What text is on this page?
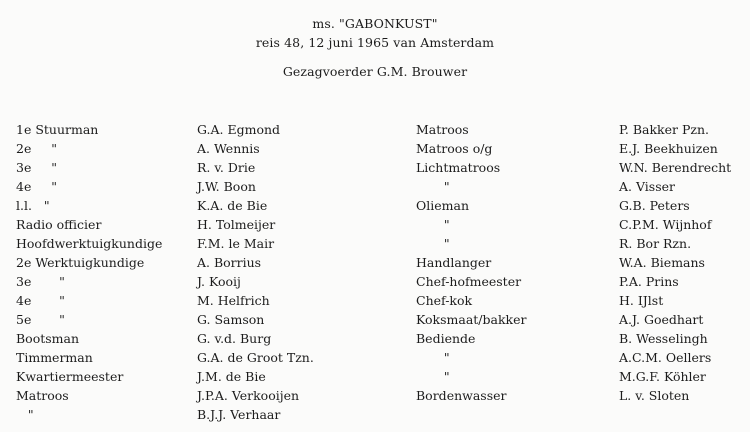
ms. "GABONKUST"
reis 48, 12 juni 1965 van Amsterdam
Gezagvoerder G.M. Brouwer
1e Stuurman
2e     "
3e     "
4e     "
l.l.   "
Radio officier
Hoofdwerktuigkundige
2e Werktuigkundige
3e       "
4e       "
5e       "
Bootsman
Timmerman
Kwartiermeester
Matroos
"
G.A. Egmond
A. Wennis
R. v. Drie
J.W. Boon
K.A. de Bie
H. Tolmeijer
F.M. le Mair
A. Borrius
J. Kooij
M. Helfrich
G. Samson
G. v.d. Burg
G.A. de Groot Tzn.
J.M. de Bie
J.P.A. Verkooijen
B.J.J. Verhaar
Matroos
Matroos o/g
Lichtmatroos
"
Olieman
"
"
Handlanger
Chef-hofmeester
Chef-kok
Koksmaat/bakker
Bediende
"
"
Bordenwasser
P. Bakker Pzn.
E.J. Beekhuizen
W.N. Berendrecht
A. Visser
G.B. Peters
C.P.M. Wijnhof
R. Bor Rzn.
W.A. Biemans
P.A. Prins
H. IJlst
A.J. Goedhart
B. Wesselingh
A.C.M. Oellers
M.G.F. Köhler
L. v. Sloten
